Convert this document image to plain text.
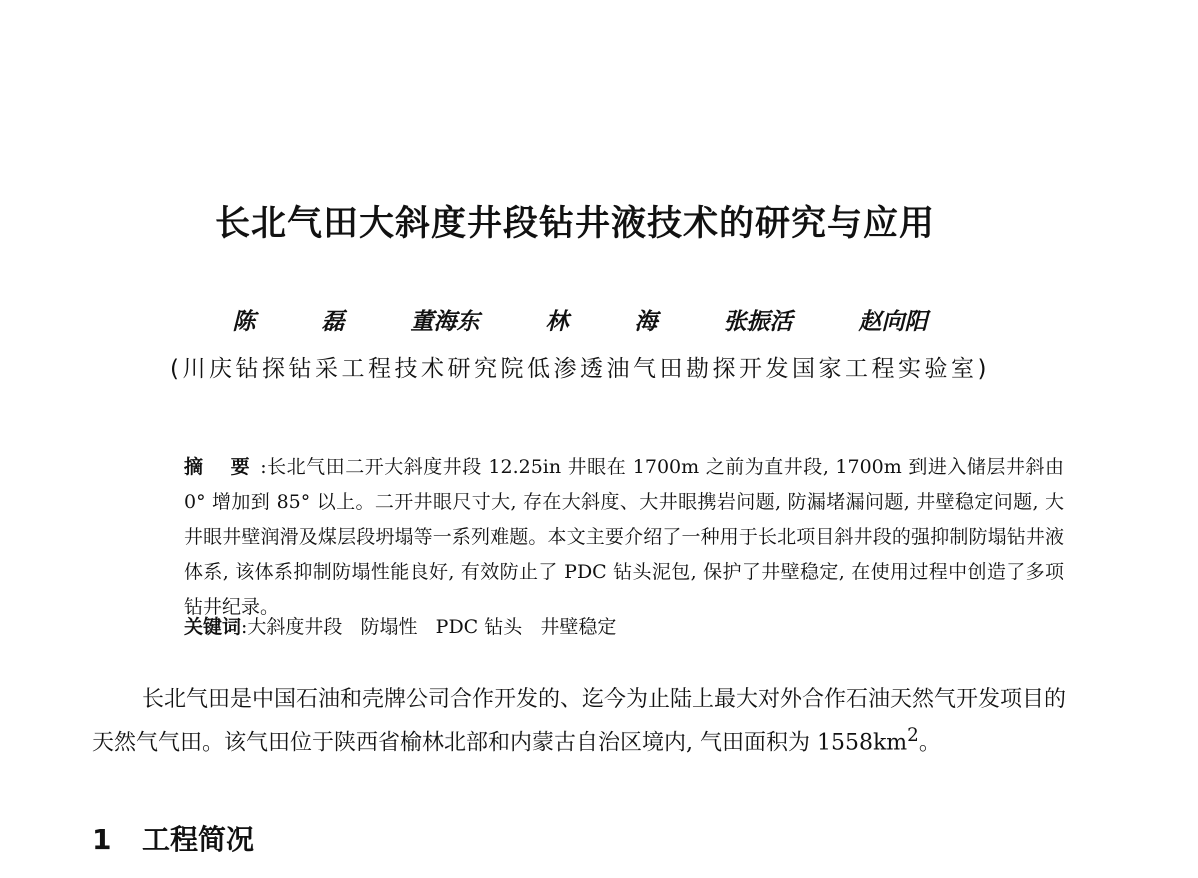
长北气田大斜度井段钻井液技术的研究与应用

陈   磊   董海东   林   海   张振活   赵向阳

(川庆钻探钻采工程技术研究院低渗透油气田勘探开发国家工程实验室)

摘 要:长北气田二开大斜度井段 12.25in 井眼在 1700m 之前为直井段, 1700m 到进入储层井斜由 0° 增加到 85° 以上。二开井眼尺寸大, 存在大斜度、大井眼携岩问题, 防漏堵漏问题, 井壁稳定问题, 大井眼井壁润滑及煤层段坍塌等一系列难题。本文主要介绍了一种用于长北项目斜井段的强抑制防塌钻井液体系, 该体系抑制防塌性能良好, 有效防止了 PDC 钻头泥包, 保护了井壁稳定, 在使用过程中创造了多项钻井纪录。

关键词:大斜度井段   防塌性   PDC 钻头   井壁稳定

长北气田是中国石油和壳牌公司合作开发的、迄今为止陆上最大对外合作石油天然气开发项目的天然气气田。该气田位于陕西省榆林北部和内蒙古自治区境内, 气田面积为 $1558km^2$。

1 工程简况
